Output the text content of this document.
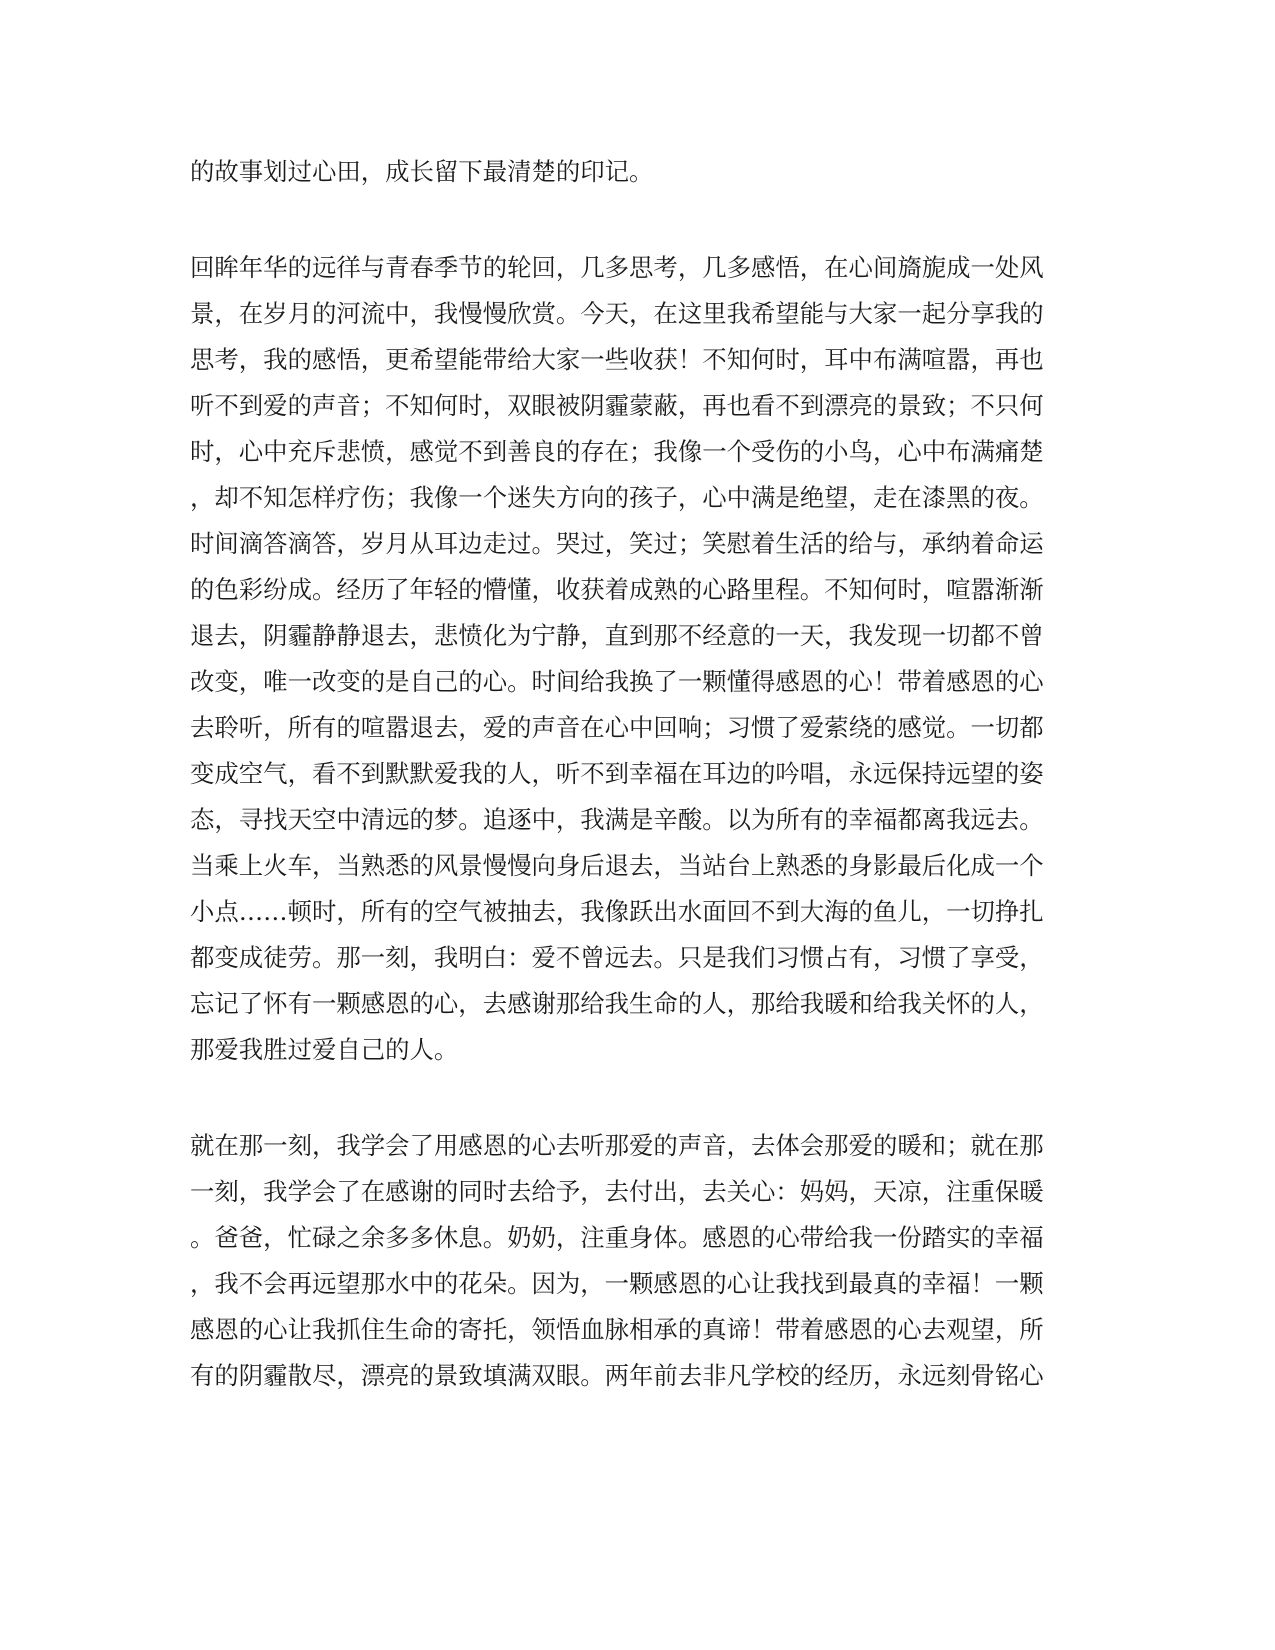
的故事划过心田，成长留下最清楚的印记。
回眸年华的远徉与青春季节的轮回，几多思考，几多感悟，在心间旖旎成一处风
景，在岁月的河流中，我慢慢欣赏。今天，在这里我希望能与大家一起分享我的
思考，我的感悟，更希望能带给大家一些收获！不知何时，耳中布满喧嚣，再也
听不到爱的声音；不知何时，双眼被阴霾蒙蔽，再也看不到漂亮的景致；不只何
时，心中充斥悲愤，感觉不到善良的存在；我像一个受伤的小鸟，心中布满痛楚
，却不知怎样疗伤；我像一个迷失方向的孩子，心中满是绝望，走在漆黑的夜。
时间滴答滴答，岁月从耳边走过。哭过，笑过；笑慰着生活的给与，承纳着命运
的色彩纷成。经历了年轻的懵懂，收获着成熟的心路里程。不知何时，喧嚣渐渐
退去，阴霾静静退去，悲愤化为宁静，直到那不经意的一天，我发现一切都不曾
改变，唯一改变的是自己的心。时间给我换了一颗懂得感恩的心！带着感恩的心
去聆听，所有的喧嚣退去，爱的声音在心中回响；习惯了爱萦绕的感觉。一切都
变成空气，看不到默默爱我的人，听不到幸福在耳边的吟唱，永远保持远望的姿
态，寻找天空中清远的梦。追逐中，我满是辛酸。以为所有的幸福都离我远去。
当乘上火车，当熟悉的风景慢慢向身后退去，当站台上熟悉的身影最后化成一个
小点……顿时，所有的空气被抽去，我像跃出水面回不到大海的鱼儿，一切挣扎
都变成徒劳。那一刻，我明白：爱不曾远去。只是我们习惯占有，习惯了享受，
忘记了怀有一颗感恩的心，去感谢那给我生命的人，那给我暖和给我关怀的人，
那爱我胜过爱自己的人。
就在那一刻，我学会了用感恩的心去听那爱的声音，去体会那爱的暖和；就在那
一刻，我学会了在感谢的同时去给予，去付出，去关心：妈妈，天凉，注重保暖
。爸爸，忙碌之余多多休息。奶奶，注重身体。感恩的心带给我一份踏实的幸福
，我不会再远望那水中的花朵。因为，一颗感恩的心让我找到最真的幸福！一颗
感恩的心让我抓住生命的寄托，领悟血脉相承的真谛！带着感恩的心去观望，所
有的阴霾散尽，漂亮的景致填满双眼。两年前去非凡学校的经历，永远刻骨铭心
